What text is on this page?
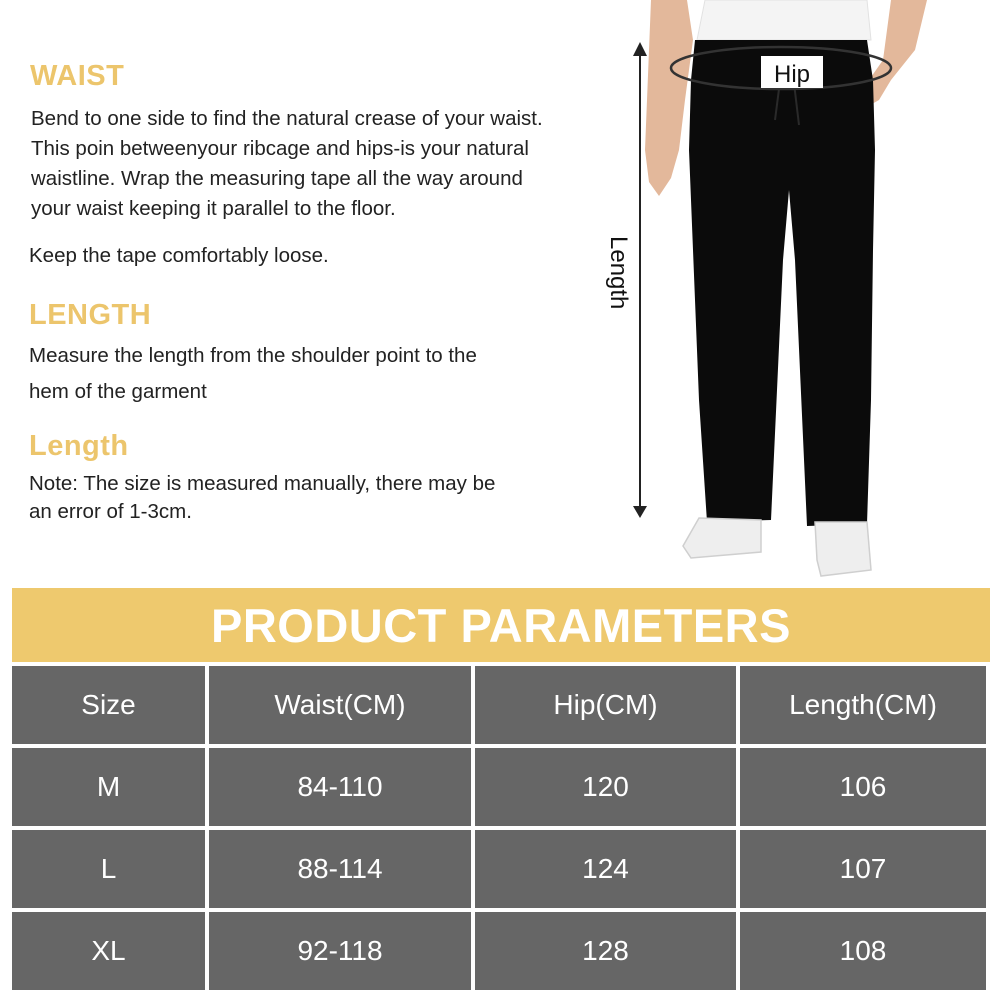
WAIST

Bend to one side to find the natural crease of your waist.
This poin betweenyour ribcage and hips-is your natural
waistline. Wrap the measuring tape all the way around
your waist keeping it parallel to the floor.

Keep the tape comfortably loose.

LENGTH

Measure the length from the shoulder point to the
hem of the garment

Length

Note: The size is measured manually, there may be
an error of 1-3cm.

Hip
Length
PRODUCT PARAMETERS
Size	Waist(CM)	Hip(CM)	Length(CM)
M	84-110	120	106
L	88-114	124	107
XL	92-118	128	108
